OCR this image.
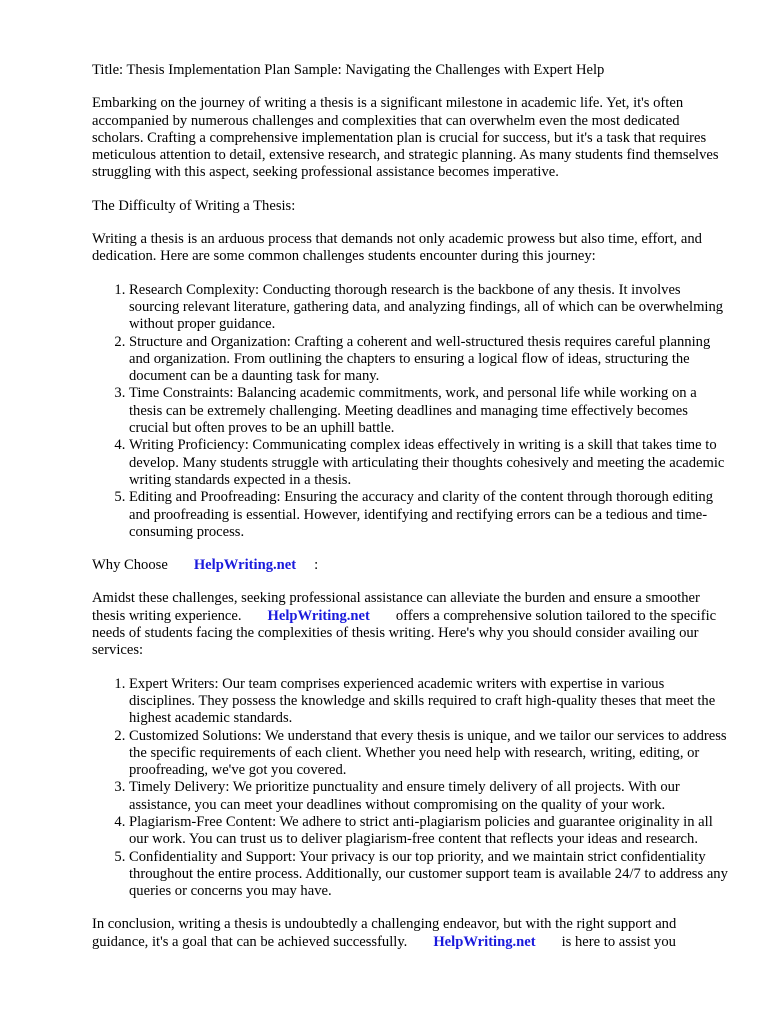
Title: Thesis Implementation Plan Sample: Navigating the Challenges with Expert Help

Embarking on the journey of writing a thesis is a significant milestone in academic life. Yet, it's often accompanied by numerous challenges and complexities that can overwhelm even the most dedicated scholars. Crafting a comprehensive implementation plan is crucial for success, but it's a task that requires meticulous attention to detail, extensive research, and strategic planning. As many students find themselves struggling with this aspect, seeking professional assistance becomes imperative.

The Difficulty of Writing a Thesis:

Writing a thesis is an arduous process that demands not only academic prowess but also time, effort, and dedication. Here are some common challenges students encounter during this journey:

1. Research Complexity: Conducting thorough research is the backbone of any thesis. It involves sourcing relevant literature, gathering data, and analyzing findings, all of which can be overwhelming without proper guidance.
2. Structure and Organization: Crafting a coherent and well-structured thesis requires careful planning and organization. From outlining the chapters to ensuring a logical flow of ideas, structuring the document can be a daunting task for many.
3. Time Constraints: Balancing academic commitments, work, and personal life while working on a thesis can be extremely challenging. Meeting deadlines and managing time effectively becomes crucial but often proves to be an uphill battle.
4. Writing Proficiency: Communicating complex ideas effectively in writing is a skill that takes time to develop. Many students struggle with articulating their thoughts cohesively and meeting the academic writing standards expected in a thesis.
5. Editing and Proofreading: Ensuring the accuracy and clarity of the content through thorough editing and proofreading is essential. However, identifying and rectifying errors can be a tedious and time-consuming process.

Why Choose HelpWriting.net :

Amidst these challenges, seeking professional assistance can alleviate the burden and ensure a smoother thesis writing experience. HelpWriting.net offers a comprehensive solution tailored to the specific needs of students facing the complexities of thesis writing. Here's why you should consider availing our services:

1. Expert Writers: Our team comprises experienced academic writers with expertise in various disciplines. They possess the knowledge and skills required to craft high-quality theses that meet the highest academic standards.
2. Customized Solutions: We understand that every thesis is unique, and we tailor our services to address the specific requirements of each client. Whether you need help with research, writing, editing, or proofreading, we've got you covered.
3. Timely Delivery: We prioritize punctuality and ensure timely delivery of all projects. With our assistance, you can meet your deadlines without compromising on the quality of your work.
4. Plagiarism-Free Content: We adhere to strict anti-plagiarism policies and guarantee originality in all our work. You can trust us to deliver plagiarism-free content that reflects your ideas and research.
5. Confidentiality and Support: Your privacy is our top priority, and we maintain strict confidentiality throughout the entire process. Additionally, our customer support team is available 24/7 to address any queries or concerns you may have.

In conclusion, writing a thesis is undoubtedly a challenging endeavor, but with the right support and guidance, it's a goal that can be achieved successfully. HelpWriting.net is here to assist you
